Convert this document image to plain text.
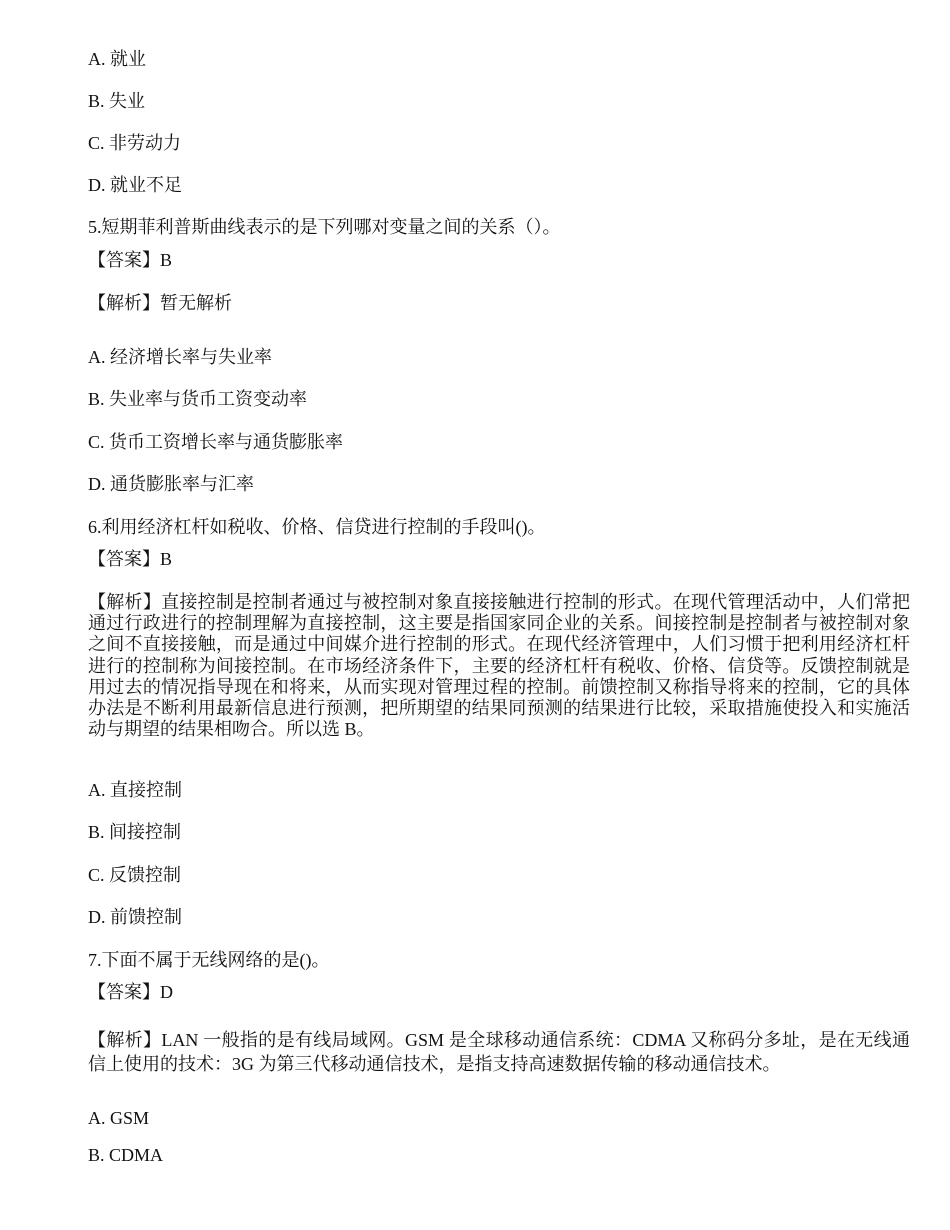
A. 就业
B. 失业
C. 非劳动力
D. 就业不足
5.短期菲利普斯曲线表示的是下列哪对变量之间的关系（）。
【答案】B
【解析】暂无解析
A. 经济增长率与失业率
B. 失业率与货币工资变动率
C. 货币工资增长率与通货膨胀率
D. 通货膨胀率与汇率
6.利用经济杠杆如税收、价格、信贷进行控制的手段叫()。
【答案】B
【解析】直接控制是控制者通过与被控制对象直接接触进行控制的形式。在现代管理活动中，人们常把通过行政进行的控制理解为直接控制，这主要是指国家同企业的关系。间接控制是控制者与被控制对象之间不直接接触，而是通过中间媒介进行控制的形式。在现代经济管理中，人们习惯于把利用经济杠杆进行的控制称为间接控制。在市场经济条件下，主要的经济杠杆有税收、价格、信贷等。反馈控制就是用过去的情况指导现在和将来，从而实现对管理过程的控制。前馈控制又称指导将来的控制，它的具体办法是不断利用最新信息进行预测，把所期望的结果同预测的结果进行比较，采取措施使投入和实施活动与期望的结果相吻合。所以选 B。
A. 直接控制
B. 间接控制
C. 反馈控制
D. 前馈控制
7.下面不属于无线网络的是()。
【答案】D
【解析】LAN 一般指的是有线局域网。GSM 是全球移动通信系统：CDMA 又称码分多址，是在无线通信上使用的技术：3G 为第三代移动通信技术，是指支持高速数据传输的移动通信技术。
A. GSM
B. CDMA
